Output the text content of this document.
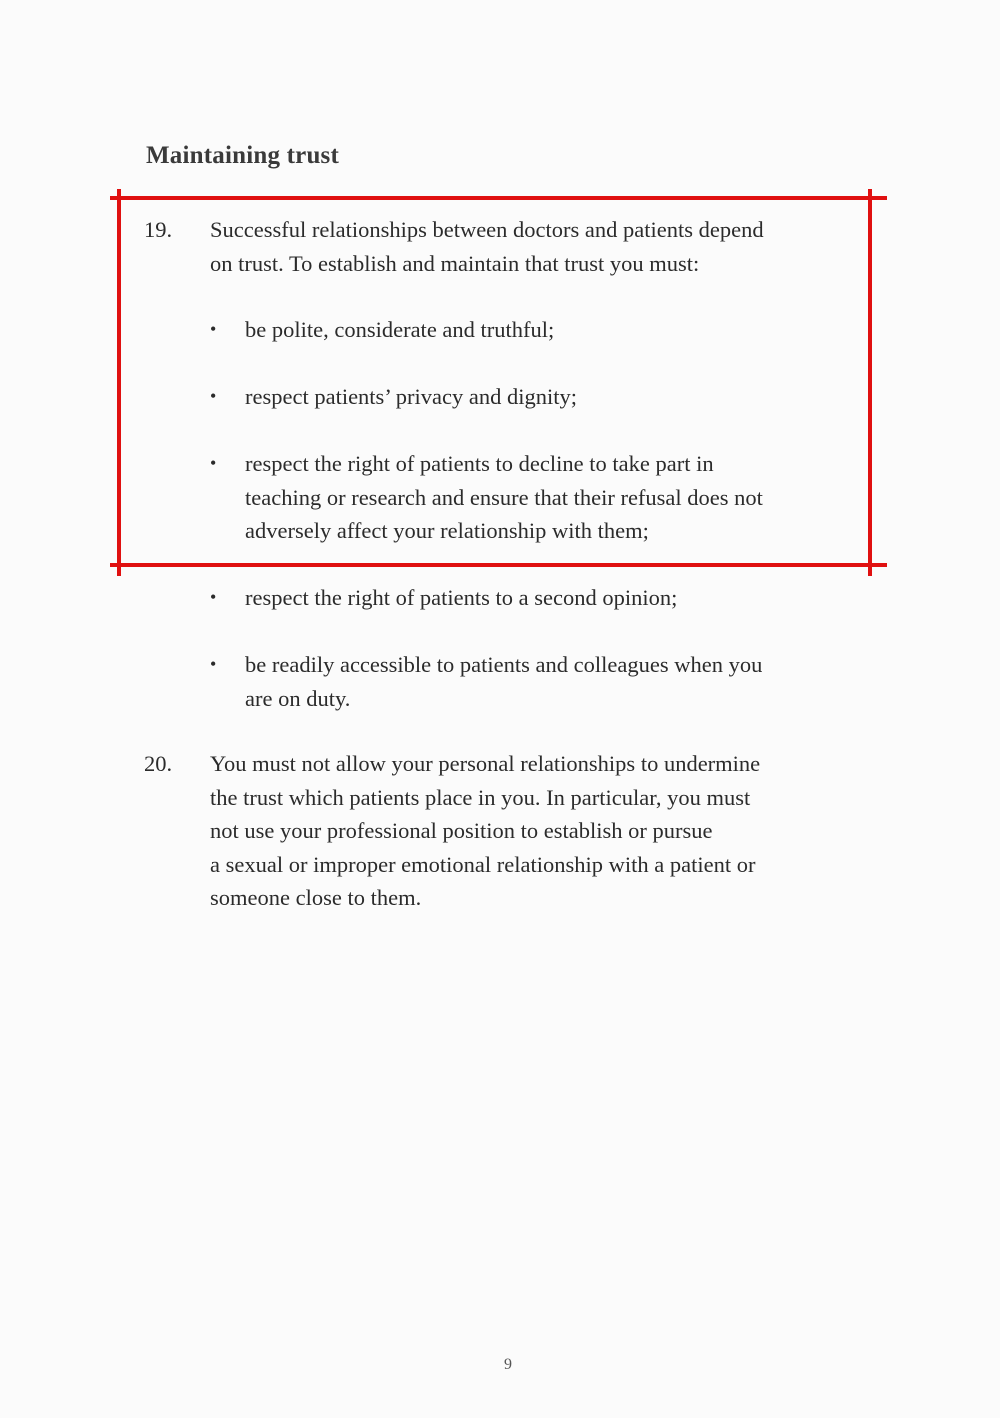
Maintaining trust
19.	Successful relationships between doctors and patients depend
on trust. To establish and maintain that trust you must:
•	be polite, considerate and truthful;
•	respect patients’ privacy and dignity;
•	respect the right of patients to decline to take part in
teaching or research and ensure that their refusal does not
adversely affect your relationship with them;
•	respect the right of patients to a second opinion;
•	be readily accessible to patients and colleagues when you
are on duty.
20.	You must not allow your personal relationships to undermine
the trust which patients place in you. In particular, you must
not use your professional position to establish or pursue
a sexual or improper emotional relationship with a patient or
someone close to them.
9
